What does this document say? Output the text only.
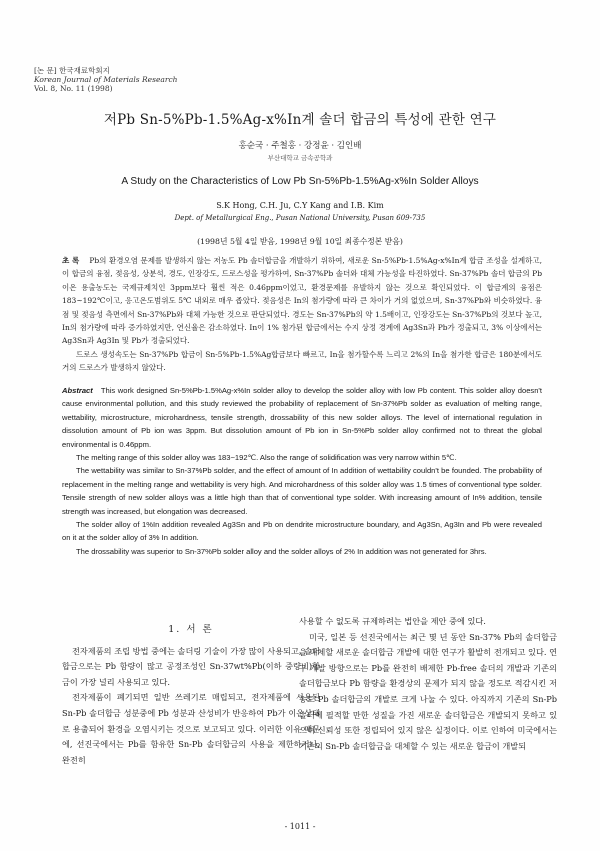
[논 문] 한국재료학회지
Korean Journal of Materials Research
Vol. 8, No. 11 (1998)
저Pb Sn-5%Pb-1.5%Ag-x%In계 솔더 합금의 특성에 관한 연구
홍순국 · 주철홍 · 강정윤 · 김인배
부산대학교 금속공학과
A Study on the Characteristics of Low Pb Sn-5%Pb-1.5%Ag-x%In Solder Alloys
S.K Hong, C.H. Ju, C.Y Kang and I.B. Kim
Dept. of Metallurgical Eng., Pusan National University, Pusan 609-735
(1998년 5월 4일 받음, 1998년 9월 10일 최종수정본 받음)

초 록 Pb의 환경오염 문제를 발생하지 않는 저농도 Pb 솔더합금을 개발하기 위하여, 새로운 Sn-5%Pb-1.5%Ag-x%In계 합금 조성을 설계하고, 이 합금의 융점, 젖음성, 상분석, 경도, 인장강도, 드로스성을 평가하여, Sn-37%Pb 솔더와 대체 가능성을 타진하였다. Sn-37%Pb 솔더 합금의 Pb이온 용출농도는 국제규제치인 3ppm보다 훨씬 적은 0.46ppm이었고, 환경문제를 유발하지 않는 것으로 확인되었다. 이 합금계의 융점은 183~192℃이고, 응고온도범위도 5℃ 내외로 매우 좁았다. 젖음성은 In의 첨가량에 따라 큰 차이가 거의 없었으며, Sn-37%Pb와 비슷하였다. 융점 및 젖음성 측면에서 Sn-37%Pb와 대체 가능한 것으로 판단되었다. 경도는 Sn-37%Pb의 약 1.5배이고, 인장강도는 Sn-37%Pb의 것보다 높고, In의 첨가량에 따라 증가하였지만, 연신율은 감소하였다. In이 1% 첨가된 합금에서는 수지 상정 경계에 Ag3Sn과 Pb가 정출되고, 3% 이상에서는 Ag3Sn과 Ag3In 및 Pb가 정출되었다.

드로스 생성속도는 Sn-37%Pb 합금이 Sn-5%Pb-1.5%Ag합금보다 빠르고, In을 첨가할수록 느리고 2%의 In을 첨가한 합금은 180분에서도 거의 드로스가 발생하지 않았다.

Abstract This work designed Sn-5%Pb-1.5%Ag-x%In solder alloy to develop the solder alloy with low Pb content. This solder alloy doesn't cause environmental pollution, and this study reviewed the probability of replacement of Sn-37%Pb solder as evaluation of melting range, wettability, microstructure, microhardness, tensile strength, drossability of this new solder alloys. The level of international regulation in dissolution amount of Pb ion was 3ppm. But dissolution amount of Pb ion in Sn-5%Pb solder alloy confirmed not to threat the global environmental is 0.46ppm.

The melting range of this solder alloy was 183~192℃. Also the range of solidification was very narrow within 5℃.

The wettability was similar to Sn-37%Pb solder, and the effect of amount of In addition of wettability couldn't be founded. The probability of replacement in the melting range and wettability is very high. And microhardness of this solder alloy was 1.5 times of conventional type solder. Tensile strength of new solder alloys was a little high than that of conventional type solder. With increasing amount of In% addition, tensile strength was increased, but elongation was decreased.

The solder alloy of 1%In addition revealed Ag3Sn and Pb on dendrite microstructure boundary, and Ag3Sn, Ag3In and Pb were revealed on it at the solder alloy of 3% In addition.

The drossability was superior to Sn-37%Pb solder alloy and the solder alloys of 2% In addition was not generated for 3hrs.

1. 서 론

전자제품의 조립 방법 중에는 솔더링 기술이 가장 많이 사용되고, 솔더 합금으로는 Pb 함량이 많고 공정조성인 Sn-37wt%Pb(이하 중량비)합금이 가장 널리 사용되고 있다.

전자제품이 폐기되면 일반 쓰레기로 매립되고, 전자제품에 사용된 Sn-Pb 솔더합금 성분중에 Pb 성분과 산성비가 반응하여 Pb가 이온상태로 용출되어 환경을 오염시키는 것으로 보고되고 있다. 이러한 이유 때문에, 선진국에서는 Pb를 함유한 Sn-Pb 솔더합금의 사용을 제한하거나, 완전히

사용할 수 없도록 규제하려는 법안을 제안 중에 있다.

미국, 일본 등 선진국에서는 최근 몇 년 동안 Sn-37% Pb의 솔더합금을 대체할 새로운 솔더합금 개발에 대한 연구가 활발히 전개되고 있다. 연구 개발 방향으로는 Pb를 완전히 배제한 Pb-free 솔더의 개발과 기존의 솔더합금보다 Pb 함량을 환경상의 문제가 되지 않을 정도로 적감시킨 저농도 Pb 솔더합금의 개발로 크게 나눌 수 있다. 아직까지 기존의 Sn-Pb 솔더에 필적할 만한 성질을 가진 새로운 솔더합금은 개발되지 못하고 있으며 신뢰성 또한 정립되어 있지 않은 실정이다. 이로 인하여 미국에서는 기존의 Sn-Pb 솔더합금을 대체할 수 있는 새로운 합금이 개발되

- 1011 -
